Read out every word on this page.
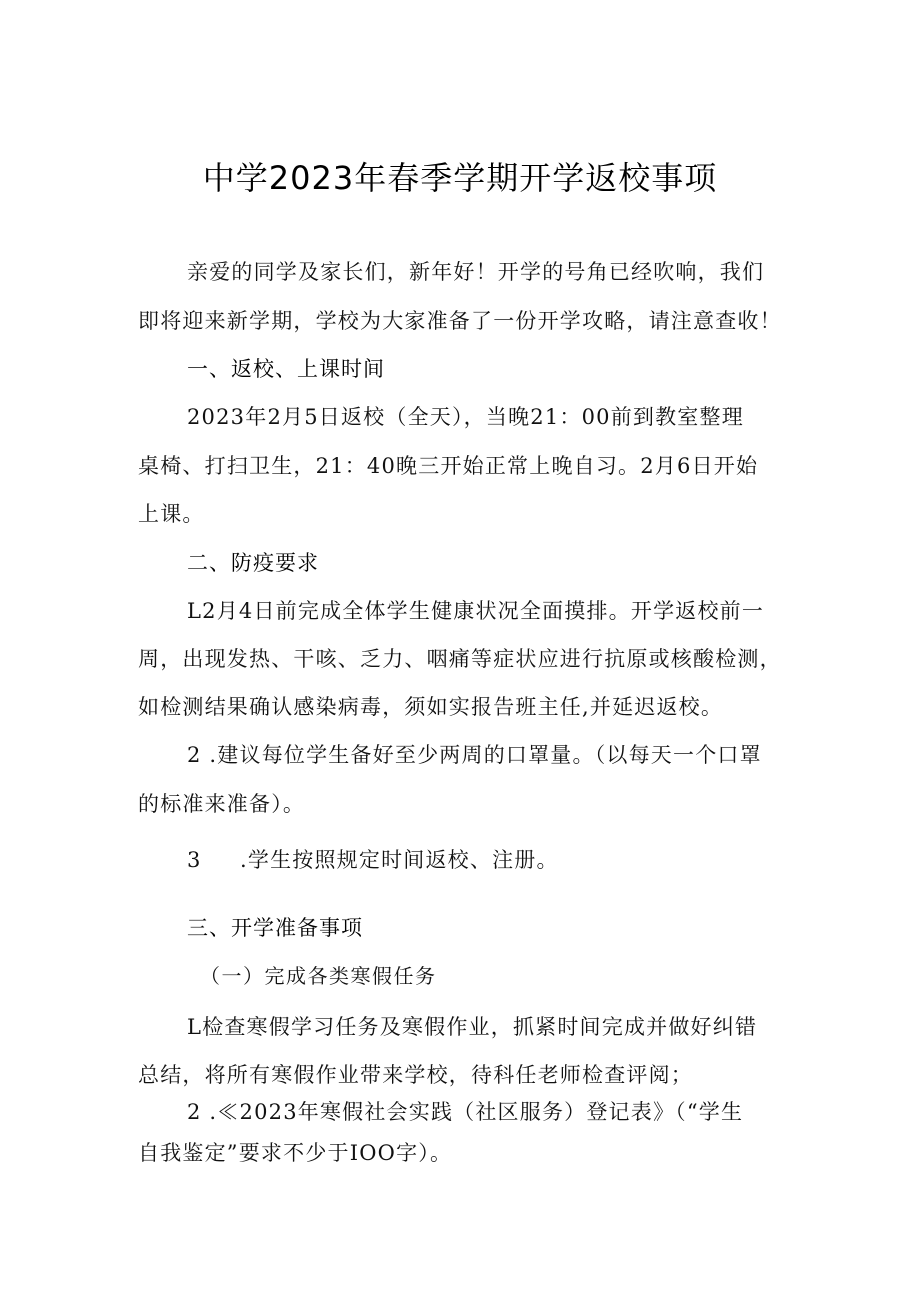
中学2023年春季学期开学返校事项
亲爱的同学及家长们，新年好！开学的号角已经吹响，我们
即将迎来新学期，学校为大家准备了一份开学攻略，请注意查收！
一、返校、上课时间
2023年2月5日返校（全天），当晚21：00前到教室整理
桌椅、打扫卫生，21：40晚三开始正常上晚自习。2月6日开始
上课。
二、防疫要求
L2月4日前完成全体学生健康状况全面摸排。开学返校前一
周，出现发热、干咳、乏力、咽痛等症状应进行抗原或核酸检测，
如检测结果确认感染病毒，须如实报告班主任,并延迟返校。
2 .建议每位学生备好至少两周的口罩量。（以每天一个口罩
的标准来准备）。
3 .学生按照规定时间返校、注册。
三、开学准备事项
（一）完成各类寒假任务
L检查寒假学习任务及寒假作业，抓紧时间完成并做好纠错
总结，将所有寒假作业带来学校，待科任老师检查评阅；
2 .≪2023年寒假社会实践（社区服务）登记表》（“学生
自我鉴定”要求不少于IOO字）。
